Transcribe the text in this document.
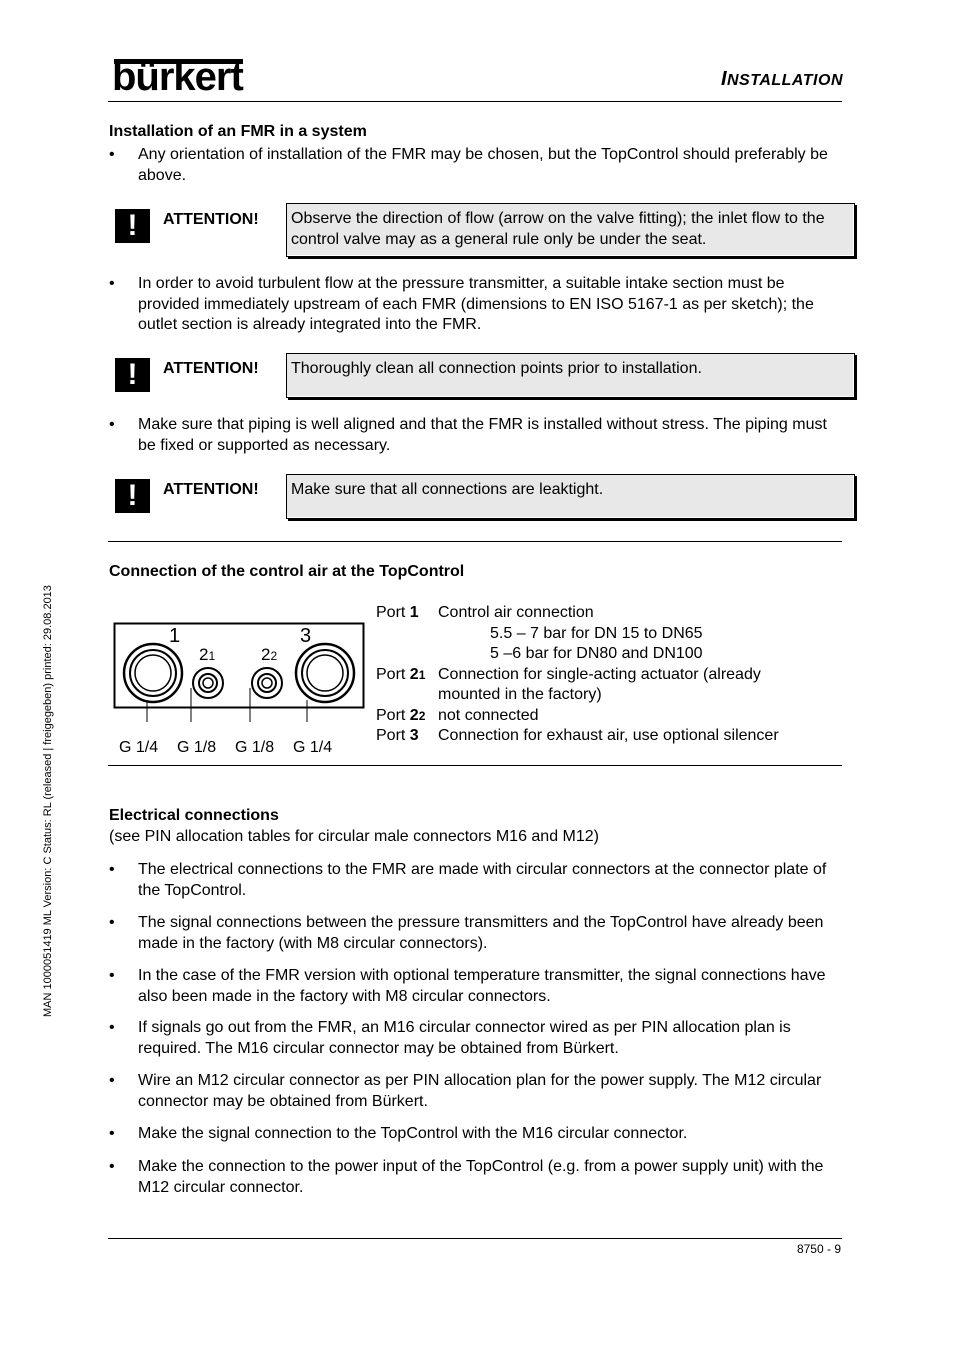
bürkert	INSTALLATION
MAN 1000051419 ML Version: C Status: RL (released | freigegeben) printed: 29.08.2013
Installation of an FMR in a system
• Any orientation of installation of the FMR may be chosen, but the TopControl should preferably be above.
!	ATTENTION!	Observe the direction of flow (arrow on the valve fitting); the inlet flow to the control valve may as a general rule only be under the seat.
• In order to avoid turbulent flow at the pressure transmitter, a suitable intake section must be provided immediately upstream of each FMR (dimensions to EN ISO 5167-1 as per sketch); the outlet section is already integrated into the FMR.
!	ATTENTION!	Thoroughly clean all connection points prior to installation.
• Make sure that piping is well aligned and that the FMR is installed without stress. The piping must be fixed or supported as necessary.
!	ATTENTION!	Make sure that all connections are leaktight.
Connection of the control air at the TopControl
1	3
21	22
G 1/4 G 1/8 G 1/8 G 1/4
Port 1	Control air connection
5.5 – 7 bar for DN 15 to DN65
5 –6 bar for DN80 and DN100
Port 21 Connection for single-acting actuator (already
mounted in the factory)
Port 22 not connected
Port 3	Connection for exhaust air, use optional silencer
Electrical connections
(see PIN allocation tables for circular male connectors M16 and M12)
• The electrical connections to the FMR are made with circular connectors at the connector plate of the TopControl.
• The signal connections between the pressure transmitters and the TopControl have already been made in the factory (with M8 circular connectors).
• In the case of the FMR version with optional temperature transmitter, the signal connections have also been made in the factory with M8 circular connectors.
• If signals go out from the FMR, an M16 circular connector wired as per PIN allocation plan is required. The M16 circular connector may be obtained from Bürkert.
• Wire an M12 circular connector as per PIN allocation plan for the power supply. The M12 circular connector may be obtained from Bürkert.
• Make the signal connection to the TopControl with the M16 circular connector.
• Make the connection to the power input of the TopControl (e.g. from a power supply unit) with the M12 circular connector.
8750 - 9
